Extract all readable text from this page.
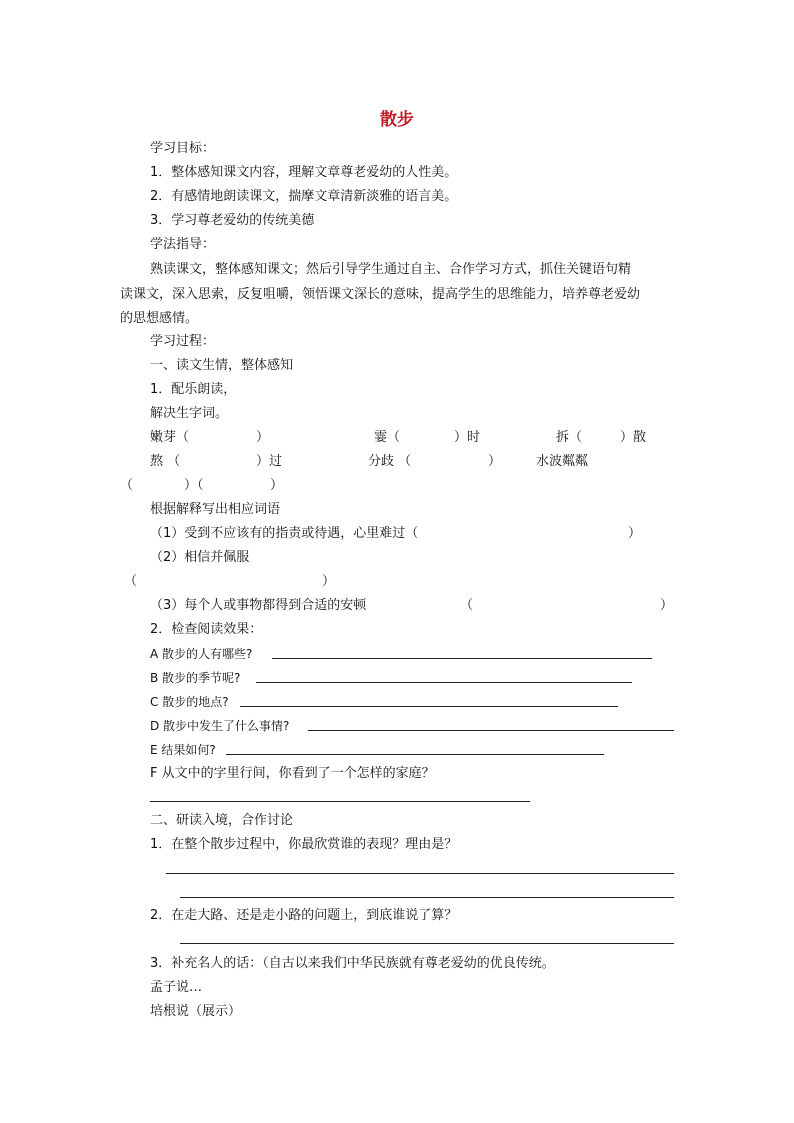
散步
学习目标：
1．整体感知课文内容，理解文章尊老爱幼的人性美。
2．有感情地朗读课文，揣摩文章清新淡雅的语言美。
3．学习尊老爱幼的传统美德
学法指导：
熟读课文，整体感知课文；然后引导学生通过自主、合作学习方式，抓住关键语句精
读课文，深入思索，反复咀嚼，领悟课文深长的意味，提高学生的思维能力，培养尊老爱幼
的思想感情。
学习过程：
一、读文生情，整体感知
1．配乐朗读，
解决生字词。
嫩芽（	）	霎（	）时	拆（	）散
熬 （	）过	分歧 （	）	水波粼粼
（	）（	）
根据解释写出相应词语
（1）受到不应该有的指责或待遇，心里难过（	）
（2）相信并佩服
（	）
（3）每个人或事物都得到合适的安顿	（	）
2．检查阅读效果：
A 散步的人有哪些?
B 散步的季节呢?
C 散步的地点?
D 散步中发生了什么事情?
E 结果如何?
F 从文中的字里行间，你看到了一个怎样的家庭？
二、研读入境，合作讨论
1．在整个散步过程中，你最欣赏谁的表现？理由是？
2．在走大路、还是走小路的问题上，到底谁说了算？
3．补充名人的话：（自古以来我们中华民族就有尊老爱幼的优良传统。
孟子说…
培根说（展示）
